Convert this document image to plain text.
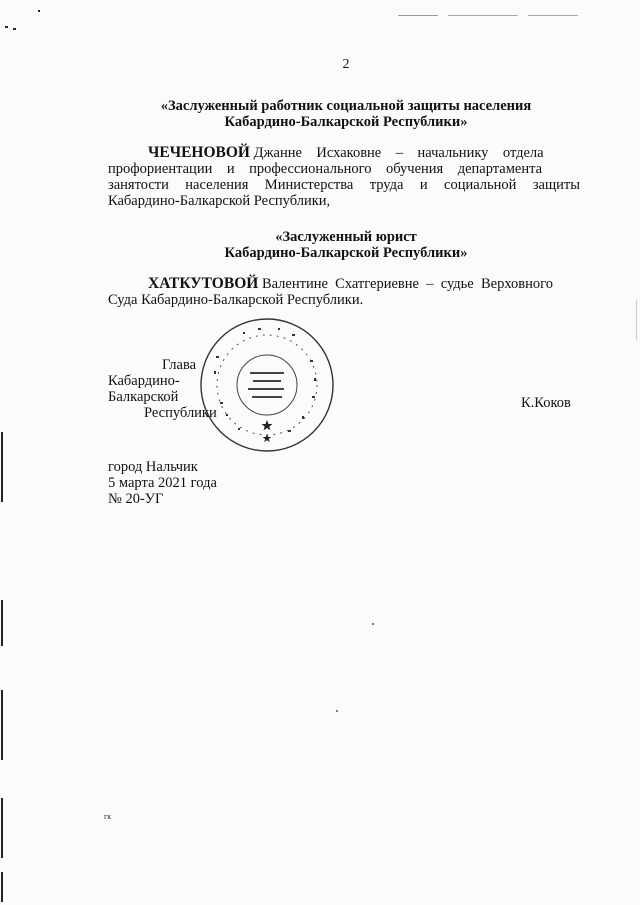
2
«Заслуженный работник социальной защиты населения
Кабардино-Балкарской Республики»
ЧЕЧЕНОВОЙ Джанне    Исхаковне    –    начальнику    отдела
профориентации    и    профессионального    обучения    департамента
занятости населения Министерства труда и социальной защиты
Кабардино-Балкарской Республики,
«Заслуженный юрист
Кабардино-Балкарской Республики»
ХАТКУТОВОЙ Валентине  Схатгериевне  –  судье  Верховного
Суда Кабардино-Балкарской Республики.
Глава
Кабардино-Балкарской
Республики
К.Коков
город Нальчик
5 марта 2021 года
№ 20-УГ
гк
